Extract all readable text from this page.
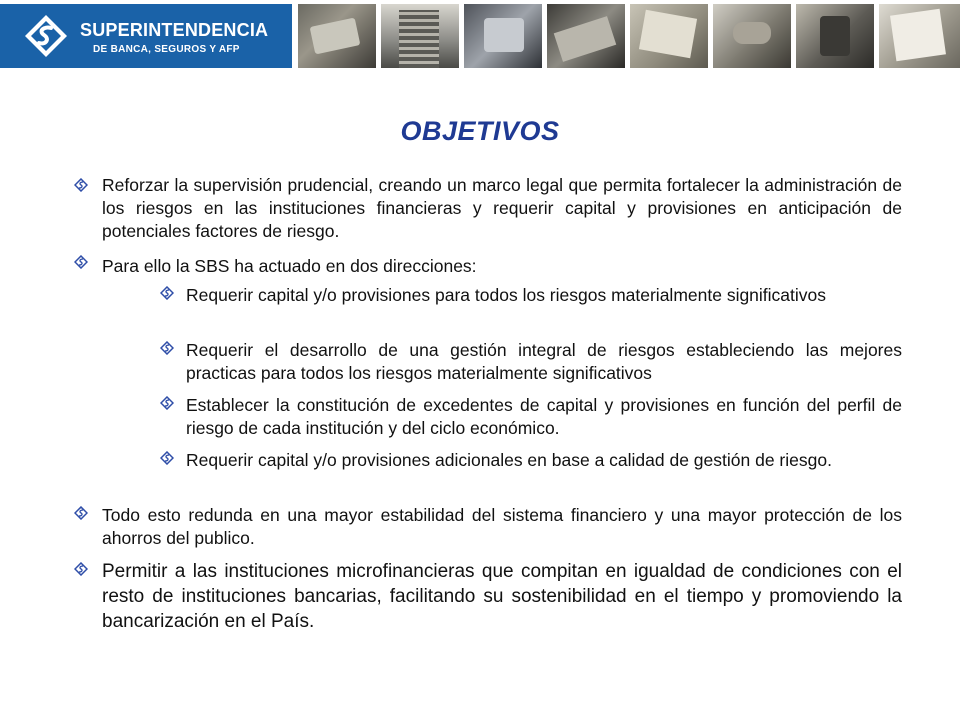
SUPERINTENDENCIA
DE BANCA, SEGUROS Y AFP
OBJETIVOS
Reforzar la supervisión prudencial, creando un marco legal que permita fortalecer la administración de los riesgos en las instituciones financieras y requerir capital y provisiones en anticipación de potenciales factores de riesgo.
Para ello la SBS ha actuado en dos direcciones:
Requerir capital y/o provisiones para todos los riesgos materialmente significativos
Requerir el desarrollo de una gestión integral de riesgos estableciendo las mejores practicas para todos los riesgos materialmente significativos
Establecer la constitución de excedentes de capital y provisiones en función del perfil de riesgo de cada institución y del ciclo económico.
Requerir capital y/o provisiones adicionales en base a calidad de gestión de riesgo.
Todo esto redunda en una mayor estabilidad del sistema financiero y una mayor protección de los ahorros del publico.
Permitir a las instituciones microfinancieras que compitan en igualdad de condiciones con el resto de instituciones bancarias, facilitando su sostenibilidad en el tiempo y promoviendo la bancarización en el País.
